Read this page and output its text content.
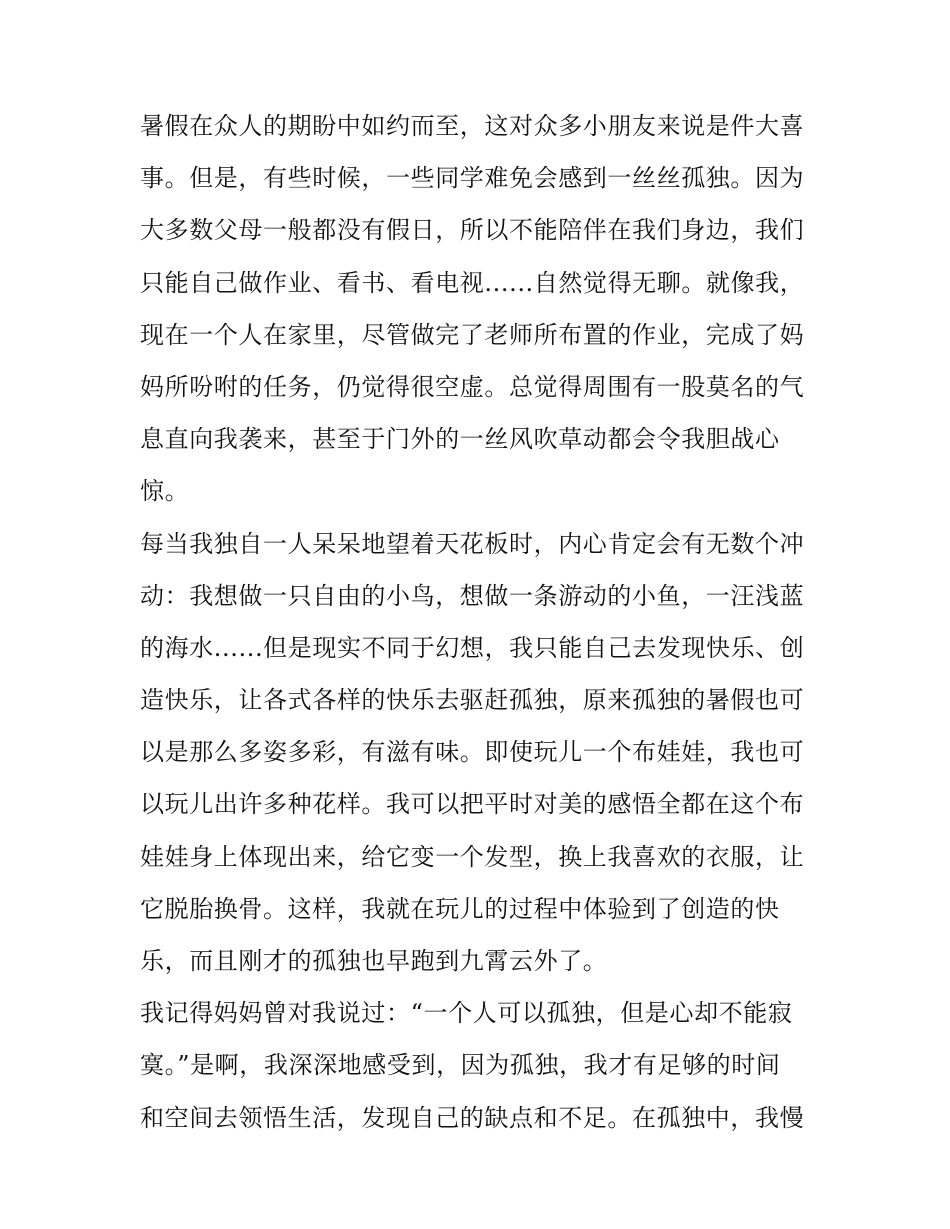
暑假在众人的期盼中如约而至，这对众多小朋友来说是件大喜
事。但是，有些时候，一些同学难免会感到一丝丝孤独。因为
大多数父母一般都没有假日，所以不能陪伴在我们身边，我们
只能自己做作业、看书、看电视......自然觉得无聊。就像我，
现在一个人在家里，尽管做完了老师所布置的作业，完成了妈
妈所吩咐的任务，仍觉得很空虚。总觉得周围有一股莫名的气
息直向我袭来，甚至于门外的一丝风吹草动都会令我胆战心
惊。
每当我独自一人呆呆地望着天花板时，内心肯定会有无数个冲
动：我想做一只自由的小鸟，想做一条游动的小鱼，一汪浅蓝
的海水......但是现实不同于幻想，我只能自己去发现快乐、创
造快乐，让各式各样的快乐去驱赶孤独，原来孤独的暑假也可
以是那么多姿多彩，有滋有味。即使玩儿一个布娃娃，我也可
以玩儿出许多种花样。我可以把平时对美的感悟全都在这个布
娃娃身上体现出来，给它变一个发型，换上我喜欢的衣服，让
它脱胎换骨。这样，我就在玩儿的过程中体验到了创造的快
乐，而且刚才的孤独也早跑到九霄云外了。
我记得妈妈曾对我说过：“一个人可以孤独，但是心却不能寂
寞。”是啊，我深深地感受到，因为孤独，我才有足够的时间
和空间去领悟生活，发现自己的缺点和不足。在孤独中，我慢
